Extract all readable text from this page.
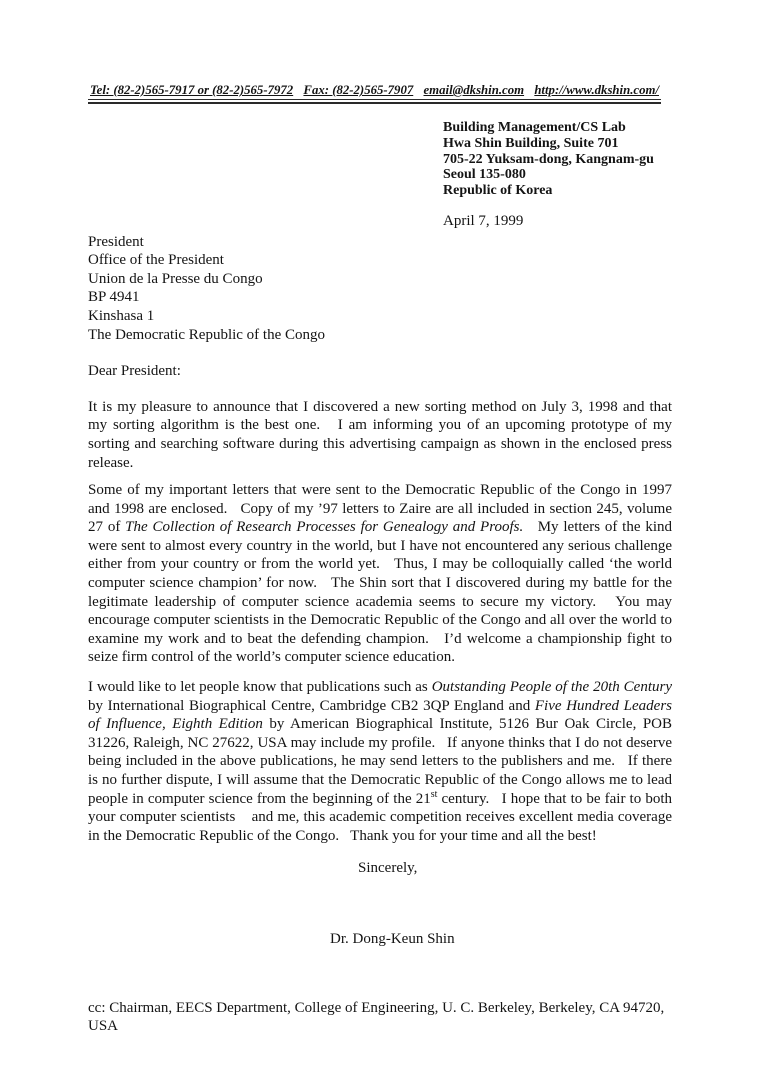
Tel: (82-2)565-7917 or (82-2)565-7972 Fax: (82-2)565-7907 email@dkshin.com http://www.dkshin.com/
Building Management/CS Lab
Hwa Shin Building, Suite 701
705-22 Yuksam-dong, Kangnam-gu
Seoul 135-080
Republic of Korea
April 7, 1999
President
Office of the President
Union de la Presse du Congo
BP 4941
Kinshasa 1
The Democratic Republic of the Congo
Dear President:

It is my pleasure to announce that I discovered a new sorting method on July 3, 1998 and that my sorting algorithm is the best one.   I am informing you of an upcoming prototype of my sorting and searching software during this advertising campaign as shown in the enclosed press release.

Some of my important letters that were sent to the Democratic Republic of the Congo in 1997 and 1998 are enclosed.   Copy of my ’97 letters to Zaire are all included in section 245, volume 27 of The Collection of Research Processes for Genealogy and Proofs.   My letters of the kind were sent to almost every country in the world, but I have not encountered any serious challenge either from your country or from the world yet.   Thus, I may be colloquially called ‘the world computer science champion’ for now.   The Shin sort that I discovered during my battle for the legitimate leadership of computer science academia seems to secure my victory.   You may encourage computer scientists in the Democratic Republic of the Congo and all over the world to examine my work and to beat the defending champion.   I’d welcome a championship fight to seize firm control of the world’s computer science education.

I would like to let people know that publications such as Outstanding People of the 20th Century by International Biographical Centre, Cambridge CB2 3QP England and Five Hundred Leaders of Influence, Eighth Edition by American Biographical Institute, 5126 Bur Oak Circle, POB 31226, Raleigh, NC 27622, USA may include my profile.   If anyone thinks that I do not deserve being included in the above publications, he may send letters to the publishers and me.   If there is no further dispute, I will assume that the Democratic Republic of the Congo allows me to lead people in computer science from the beginning of the 21st century.   I hope that to be fair to both your computer scientists    and me, this academic competition receives excellent media coverage in the Democratic Republic of the Congo.   Thank you for your time and all the best!

Sincerely,
Dr. Dong-Keun Shin
cc: Chairman, EECS Department, College of Engineering, U. C. Berkeley, Berkeley, CA 94720, USA
